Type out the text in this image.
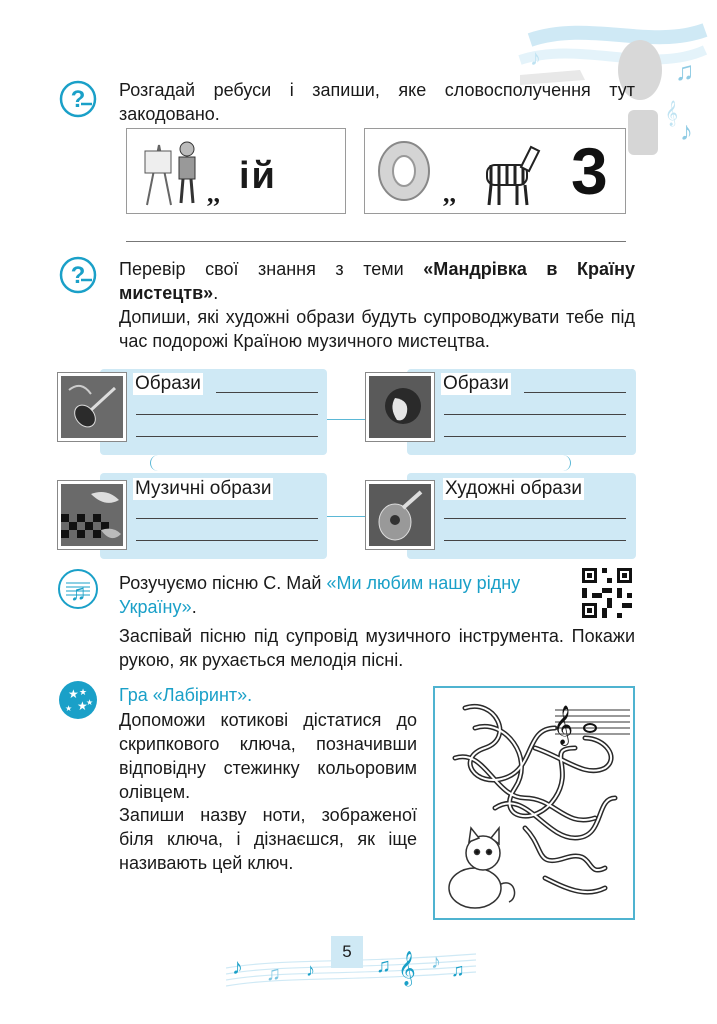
♪	♫
♪
𝄞
? Розгадай ребуси і запиши, яке словосполучення тут закодовано.
,, ій	,, 3
? Перевір свої знання з теми «Мандрівка в Країну мистецтв».
Допиши, які художні образи будуть супроводжувати тебе під час подорожі Країною музичного мистецтва.
Образи	Образи
Музичні образи	Художні образи
♫ Розучуємо пісню С. Май «Ми любим нашу рідну Україну».
Заспівай пісню під супровід музичного інструмента. Покажи рукою, як рухається мелодія пісні.
★ ★
★
★
★ Гра «Лабіринт».
Допоможи котикові дістатися до скрипкового ключа, позначивши відповідну стежинку кольоровим олівцем.
Запиши назву ноти, зображеної біля ключа, і дізнаєшся, як іще називають цей ключ.
𝄞
♪ ♫ ♪	♫ 𝄞 ♪ ♫
5
